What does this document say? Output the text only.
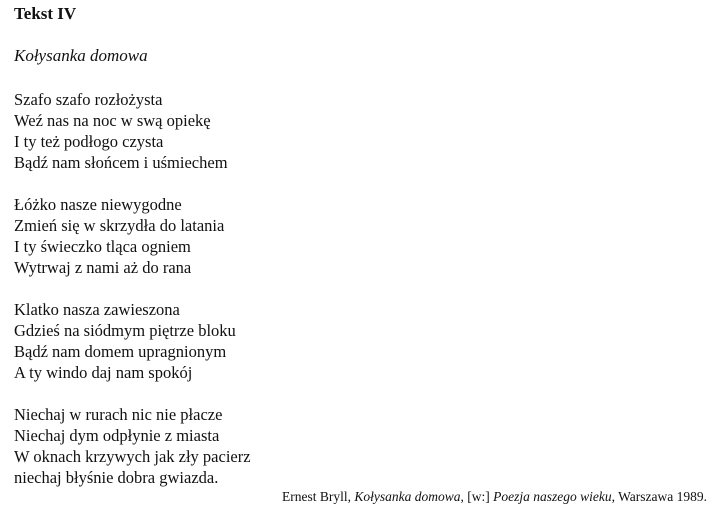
Tekst IV
Kołysanka domowa
Szafo szafo rozłożysta
Weź nas na noc w swą opiekę
I ty też podłogo czysta
Bądź nam słońcem i uśmiechem
Łóżko nasze niewygodne
Zmień się w skrzydła do latania
I ty świeczko tląca ogniem
Wytrwaj z nami aż do rana
Klatko nasza zawieszona
Gdzieś na siódmym piętrze bloku
Bądź nam domem upragnionym
A ty windo daj nam spokój
Niechaj w rurach nic nie płacze
Niechaj dym odpłynie z miasta
W oknach krzywych jak zły pacierz
niechaj błyśnie dobra gwiazda.
Ernest Bryll, Kołysanka domowa, [w:] Poezja naszego wieku, Warszawa 1989.
